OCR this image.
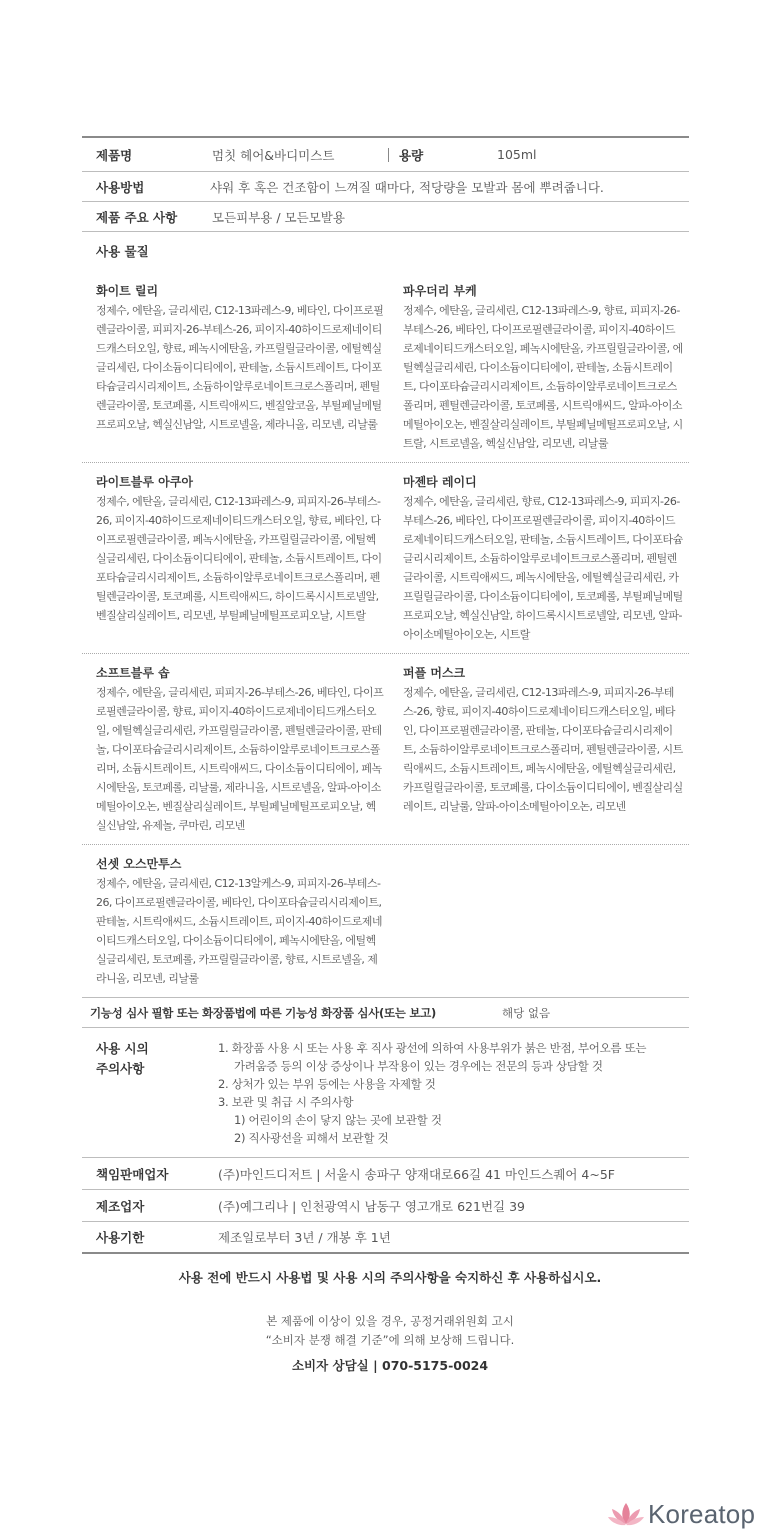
제품명	멈칫 헤어&바디미스트	용량	105ml
사용방법	샤워 후 혹은 건조함이 느껴질 때마다, 적당량을 모발과 몸에 뿌려줍니다.
제품 주요 사항	모든피부용 / 모든모발용
사용 물질
화이트 릴리
정제수, 에탄올, 글리세린, C12-13파레스-9, 베타인, 다이프로필렌글라이콜, 피피지-26-부테스-26, 피이지-40하이드로제네이티드캐스터오일, 향료, 페녹시에탄올, 카프릴릴글라이콜, 에틸헥실글리세린, 다이소듐이디티에이, 판테놀, 소듐시트레이트, 다이포타슘글리시리제이트, 소듐하이알루로네이트크로스폴리머, 펜틸렌글라이콜, 토코페롤, 시트릭애씨드, 벤질알코올, 부틸페닐메틸프로피오날, 헥실신남알, 시트로넬올, 제라니올, 리모넨, 리날룰
파우더리 부케
정제수, 에탄올, 글리세린, C12-13파레스-9, 향료, 피피지-26-부테스-26, 베타인, 다이프로필렌글라이콜, 피이지-40하이드로제네이티드캐스터오일, 페녹시에탄올, 카프릴릴글라이콜, 에틸헥실글리세린, 다이소듐이디티에이, 판테놀, 소듐시트레이트, 다이포타슘글리시리제이트, 소듐하이알루로네이트크로스폴리머, 펜틸렌글라이콜, 토코페롤, 시트릭애씨드, 알파-아이소메틸아이오논, 벤질살리실레이트, 부틸페닐메틸프로피오날, 시트랄, 시트로넬올, 헥실신남알, 리모넨, 리날룰
라이트블루 아쿠아
정제수, 에탄올, 글리세린, C12-13파레스-9, 피피지-26-부테스-26, 피이지-40하이드로제네이티드캐스터오일, 향료, 베타인, 다이프로필렌글라이콜, 페녹시에탄올, 카프릴릴글라이콜, 에틸헥실글리세린, 다이소듐이디티에이, 판테놀, 소듐시트레이트, 다이포타슘글리시리제이트, 소듐하이알루로네이트크로스폴리머, 펜틸렌글라이콜, 토코페롤, 시트릭애씨드, 하이드록시시트로넬알, 벤질살리실레이트, 리모넨, 부틸페닐메틸프로피오날, 시트랄
마젠타 레이디
정제수, 에탄올, 글리세린, 향료, C12-13파레스-9, 피피지-26-부테스-26, 베타인, 다이프로필렌글라이콜, 피이지-40하이드로제네이티드캐스터오일, 판테놀, 소듐시트레이트, 다이포타슘글리시리제이트, 소듐하이알루로네이트크로스폴리머, 펜틸렌글라이콜, 시트릭애씨드, 페녹시에탄올, 에틸헥실글리세린, 카프릴릴글라이콜, 다이소듐이디티에이, 토코페롤, 부틸페닐메틸프로피오날, 헥실신남알, 하이드록시시트로넬알, 리모넨, 알파-아이소메틸아이오논, 시트랄
소프트블루 솝
정제수, 에탄올, 글리세린, 피피지-26-부테스-26, 베타인, 다이프로필렌글라이콜, 향료, 피이지-40하이드로제네이티드캐스터오일, 에틸헥실글리세린, 카프릴릴글라이콜, 펜틸렌글라이콜, 판테놀, 다이포타슘글리시리제이트, 소듐하이알루로네이트크로스폴리머, 소듐시트레이트, 시트릭애씨드, 다이소듐이디티에이, 페녹시에탄올, 토코페롤, 리날룰, 제라니올, 시트로넬올, 알파-아이소메틸아이오논, 벤질살리실레이트, 부틸페닐메틸프로피오날, 헥실신남알, 유제놀, 쿠마린, 리모넨
퍼플 머스크
정제수, 에탄올, 글리세린, C12-13파레스-9, 피피지-26-부테스-26, 향료, 피이지-40하이드로제네이티드캐스터오일, 베타인, 다이프로필렌글라이콜, 판테놀, 다이포타슘글리시리제이트, 소듐하이알루로네이트크로스폴리머, 펜틸렌글라이콜, 시트릭애씨드, 소듐시트레이트, 페녹시에탄올, 에틸헥실글리세린, 카프릴릴글라이콜, 토코페롤, 다이소듐이디티에이, 벤질살리실레이트, 리날룰, 알파-아이소메틸아이오논, 리모넨
선셋 오스만투스
정제수, 에탄올, 글리세린, C12-13알케스-9, 피피지-26-부테스-26, 다이프로필렌글라이콜, 베타인, 다이포타슘글리시리제이트, 판테놀, 시트릭애씨드, 소듐시트레이트, 피이지-40하이드로제네이티드캐스터오일, 다이소듐이디티에이, 페녹시에탄올, 에틸헥실글리세린, 토코페롤, 카프릴릴글라이콜, 향료, 시트로넬올, 제라니올, 리모넨, 리날룰
기능성 심사 필함 또는 화장품법에 따른 기능성 화장품 심사(또는 보고)	해당 없음
사용 시의
주의사항
1. 화장품 사용 시 또는 사용 후 직사 광선에 의하여 사용부위가 붉은 반점, 부어오름 또는
가려움증 등의 이상 증상이나 부작용이 있는 경우에는 전문의 등과 상담할 것
2. 상처가 있는 부위 등에는 사용을 자제할 것
3. 보관 및 취급 시 주의사항
1) 어린이의 손이 닿지 않는 곳에 보관할 것
2) 직사광선을 피해서 보관할 것
책임판매업자	(주)마인드디저트 | 서울시 송파구 양재대로66길 41 마인드스퀘어 4~5F
제조업자	(주)예그리나 | 인천광역시 남동구 영고개로 621번길 39
사용기한	제조일로부터 3년 / 개봉 후 1년
사용 전에 반드시 사용법 및 사용 시의 주의사항을 숙지하신 후 사용하십시오.
본 제품에 이상이 있을 경우, 공정거래위원회 고시
“소비자 분쟁 해결 기준”에 의해 보상해 드립니다.
소비자 상담실 | 070-5175-0024
Koreatop
